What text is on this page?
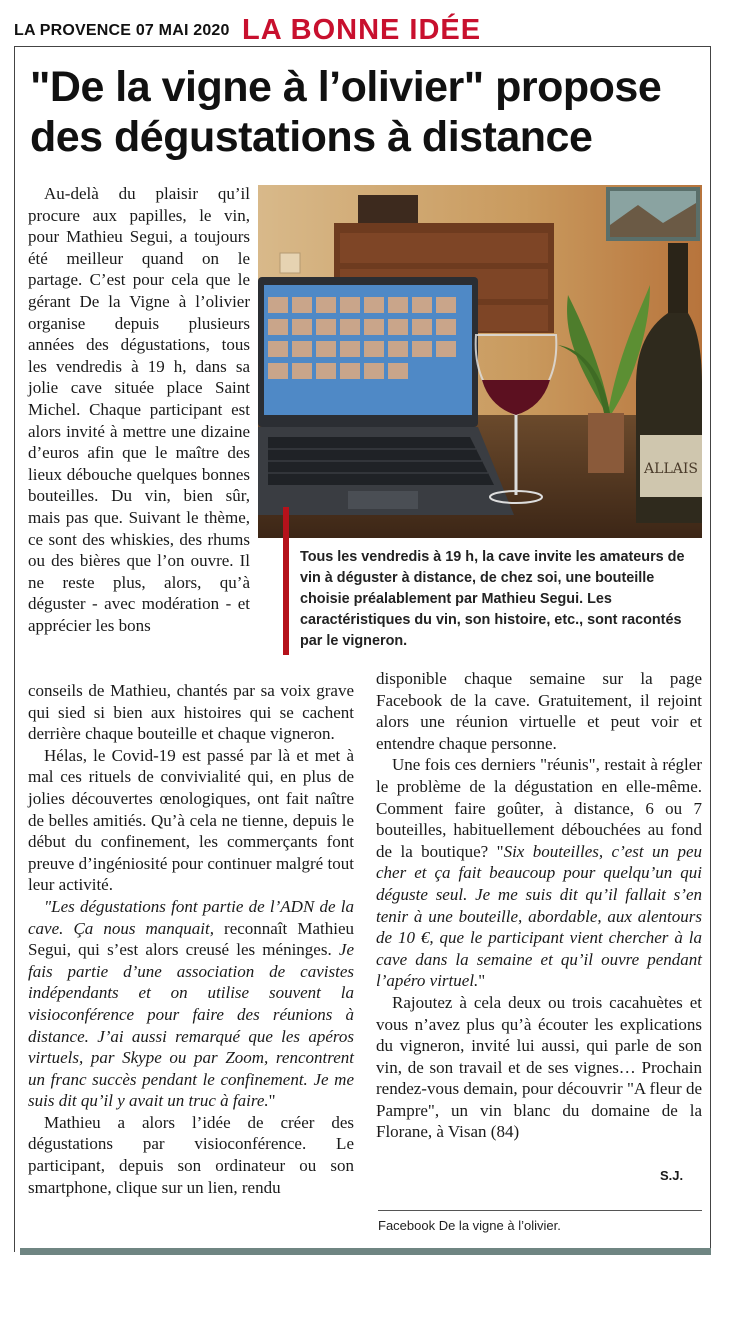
LA PROVENCE 07 MAI 2020 LA BONNE IDÉE
"De la vigne à l’olivier" propose des dégustations à distance

Au-delà du plaisir qu’il procure aux papilles, le vin, pour Mathieu Segui, a toujours été meilleur quand on le partage. C’est pour cela que le gérant De la Vigne à l’olivier organise depuis plusieurs années des dégustations, tous les vendredis à 19 h, dans sa jolie cave située place Saint Michel. Chaque participant est alors invité à mettre une dizaine d’euros afin que le maître des lieux débouche quelques bonnes bouteilles. Du vin, bien sûr, mais pas que. Suivant le thème, ce sont des whiskies, des rhums ou des bières que l’on ouvre. Il ne reste plus, alors, qu’à déguster - avec modération - et apprécier les bons

ALLAIS

Tous les vendredis à 19 h, la cave invite les amateurs de vin à déguster à distance, de chez soi, une bouteille choisie préalablement par Mathieu Segui. Les caractéristiques du vin, son histoire, etc., sont racontés par le vigneron.

conseils de Mathieu, chantés par sa voix grave qui sied si bien aux histoires qui se cachent derrière chaque bouteille et chaque vigneron.

Hélas, le Covid-19 est passé par là et met à mal ces rituels de convivialité qui, en plus de jolies découvertes œnologiques, ont fait naître de belles amitiés. Qu’à cela ne tienne, depuis le début du confinement, les commerçants font preuve d’ingéniosité pour continuer malgré tout leur activité.

"Les dégustations font partie de l’ADN de la cave. Ça nous manquait, reconnaît Mathieu Segui, qui s’est alors creusé les méninges. Je fais partie d’une association de cavistes indépendants et on utilise souvent la visioconférence pour faire des réunions à distance. J’ai aussi remarqué que les apéros virtuels, par Skype ou par Zoom, rencontrent un franc succès pendant le confinement. Je me suis dit qu’il y avait un truc à faire."

Mathieu a alors l’idée de créer des dégustations par visioconférence. Le participant, depuis son ordinateur ou son smartphone, clique sur un lien, rendu

disponible chaque semaine sur la page Facebook de la cave. Gratuitement, il rejoint alors une réunion virtuelle et peut voir et entendre chaque personne.

Une fois ces derniers "réunis", restait à régler le problème de la dégustation en elle-même. Comment faire goûter, à distance, 6 ou 7 bouteilles, habituellement débouchées au fond de la boutique? "Six bouteilles, c’est un peu cher et ça fait beaucoup pour quelqu’un qui déguste seul. Je me suis dit qu’il fallait s’en tenir à une bouteille, abordable, aux alentours de 10 €, que le participant vient chercher à la cave dans la semaine et qu’il ouvre pendant l’apéro virtuel."

Rajoutez à cela deux ou trois cacahuètes et vous n’avez plus qu’à écouter les explications du vigneron, invité lui aussi, qui parle de son vin, de son travail et de ses vignes… Prochain rendez-vous demain, pour découvrir "A fleur de Pampre", un vin blanc du domaine de la Florane, à Visan (84)

S.J.
Facebook De la vigne à l’olivier.
